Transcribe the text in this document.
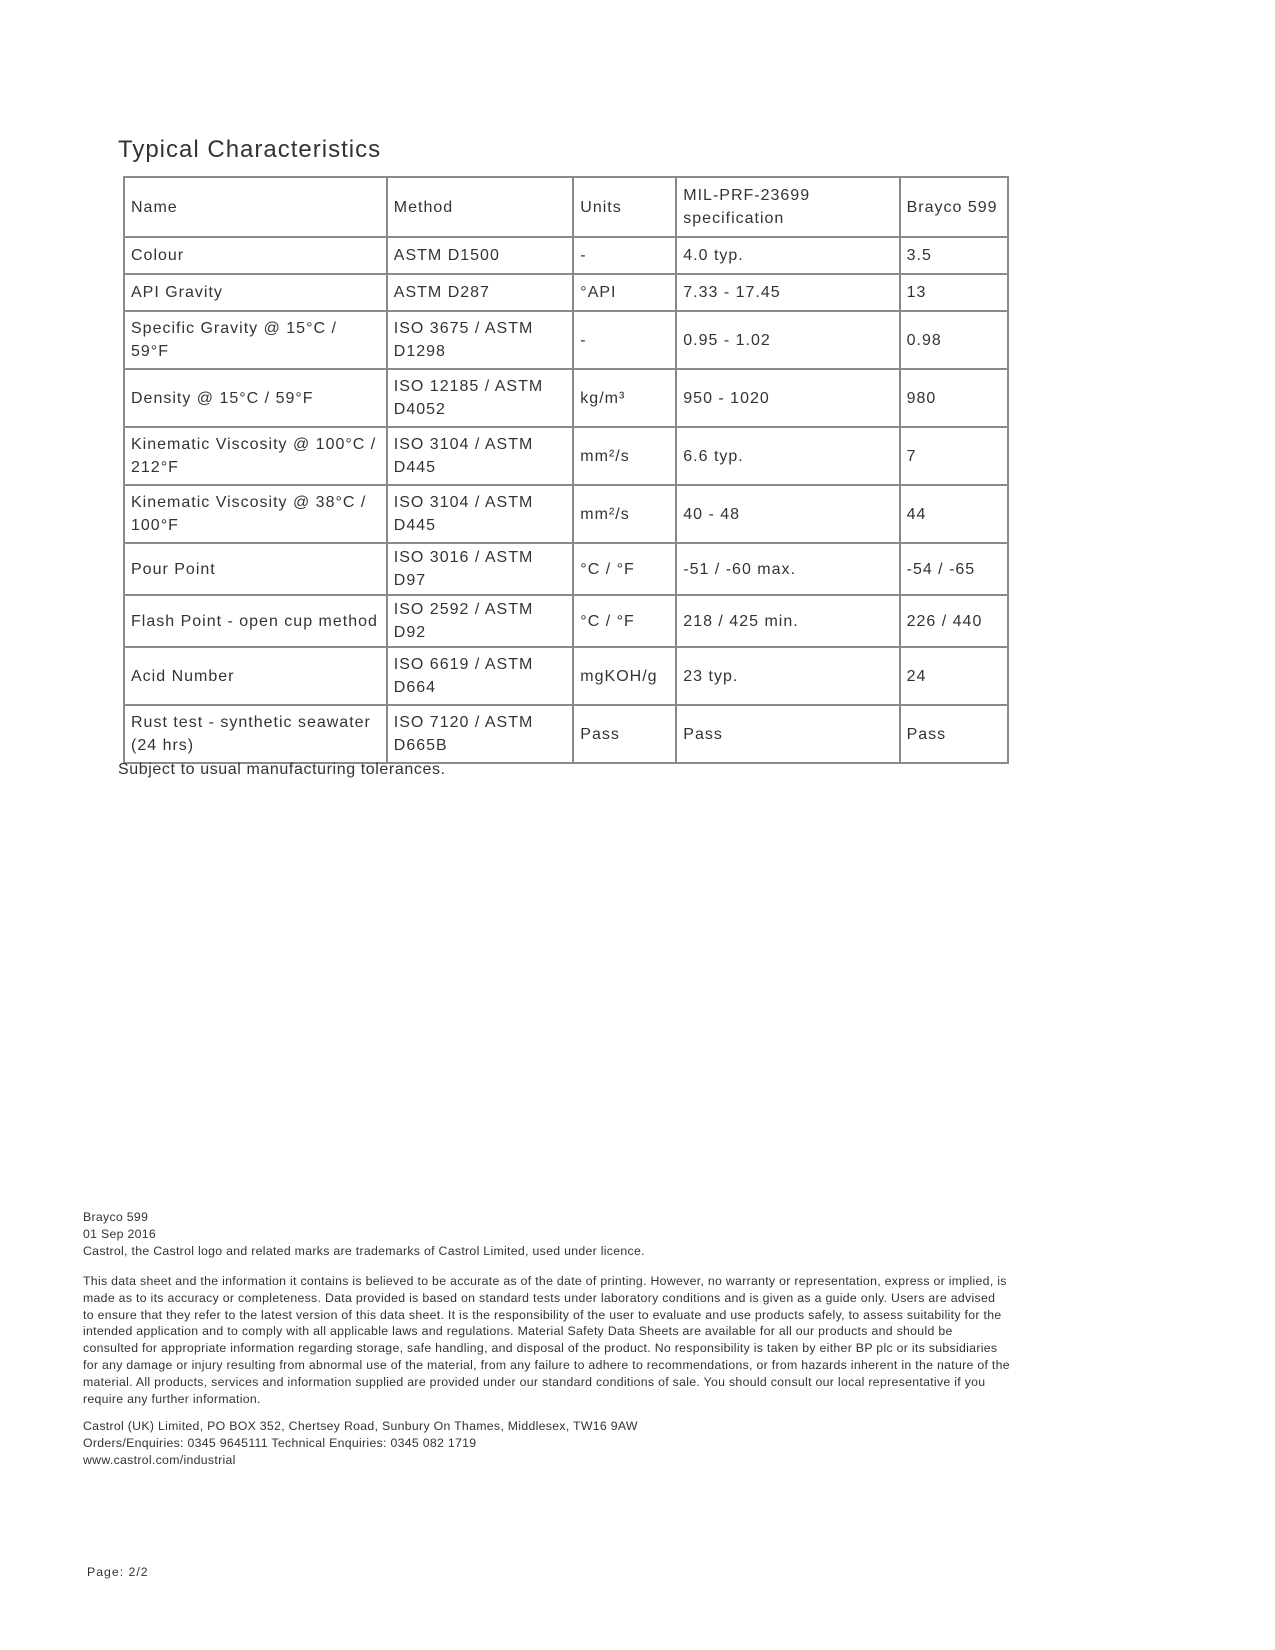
Typical Characteristics
Name	Method	Units	MIL-PRF-23699 specification	Brayco 599
Colour	ASTM D1500	-	4.0 typ.	3.5
API Gravity	ASTM D287	°API	7.33 - 17.45	13
Specific Gravity @ 15°C / 59°F	ISO 3675 / ASTM D1298	-	0.95 - 1.02	0.98
Density @ 15°C / 59°F	ISO 12185 / ASTM D4052	kg/m³	950 - 1020	980
Kinematic Viscosity @ 100°C / 212°F	ISO 3104 / ASTM D445	mm²/s	6.6 typ.	7
Kinematic Viscosity @ 38°C / 100°F	ISO 3104 / ASTM D445	mm²/s	40 - 48	44
Pour Point	ISO 3016 / ASTM D97	°C / °F	-51 / -60 max.	-54 / -65
Flash Point - open cup method	ISO 2592 / ASTM D92	°C / °F	218 / 425 min.	226 / 440
Acid Number	ISO 6619 / ASTM D664	mgKOH/g	23 typ.	24
Rust test - synthetic seawater (24 hrs)	ISO 7120 / ASTM D665B	Pass	Pass	Pass
Subject to usual manufacturing tolerances.
Brayco 599
01 Sep 2016
Castrol, the Castrol logo and related marks are trademarks of Castrol Limited, used under licence.
This data sheet and the information it contains is believed to be accurate as of the date of printing. However, no warranty or representation, express or implied, is
made as to its accuracy or completeness. Data provided is based on standard tests under laboratory conditions and is given as a guide only. Users are advised
to ensure that they refer to the latest version of this data sheet. It is the responsibility of the user to evaluate and use products safely, to assess suitability for the
intended application and to comply with all applicable laws and regulations. Material Safety Data Sheets are available for all our products and should be
consulted for appropriate information regarding storage, safe handling, and disposal of the product. No responsibility is taken by either BP plc or its subsidiaries
for any damage or injury resulting from abnormal use of the material, from any failure to adhere to recommendations, or from hazards inherent in the nature of the
material. All products, services and information supplied are provided under our standard conditions of sale. You should consult our local representative if you
require any further information.
Castrol (UK) Limited, PO BOX 352, Chertsey Road, Sunbury On Thames, Middlesex, TW16 9AW
Orders/Enquiries: 0345 9645111 Technical Enquiries: 0345 082 1719
www.castrol.com/industrial
Page: 2/2
